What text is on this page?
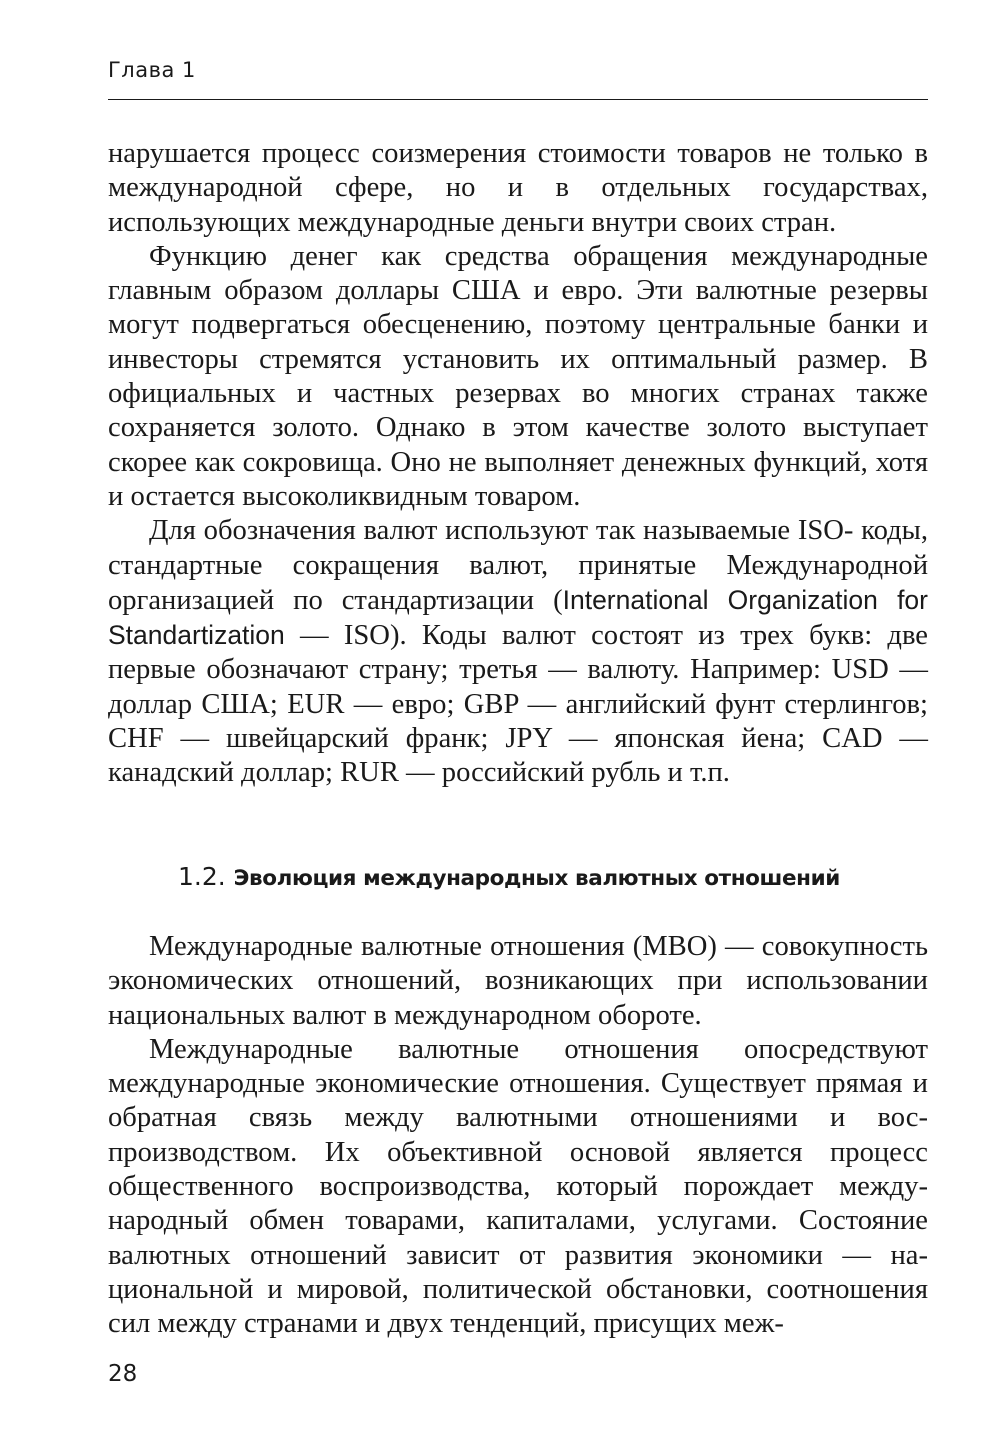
Глава 1

нарушается процесс соизмерения стоимости товаров не только в международной сфере, но и в отдельных государствах, использующих международные деньги внутри своих стран.

Функцию денег как средства обращения международные главным образом доллары США и евро. Эти валютные резервы могут подвергаться обесценению, поэтому центральные банки и инвесторы стремятся установить их оптимальный размер. В официальных и частных резервах во многих странах также сохраняется золото. Однако в этом качестве золото выступает скорее как сокровища. Оно не выполняет денежных функций, хотя и остается высоколиквидным товаром.

Для обозначения валют используют так называемые ISO- коды, стандартные сокращения валют, принятые Международной организацией по стандартизации (International Organization for Standartization — ISO). Коды валют состоят из трех букв: две первые обозначают страну; третья — валюту. Например: USD — доллар США; EUR — евро; GBP — английский фунт стерлингов; CHF — швейцарский франк; JPY — японская йена; CAD — канадский доллар; RUR — российский рубль и т.п.

1.2. Эволюция международных валютных отношений

Международные валютные отношения (МВО) — совокупность экономических отношений, возникающих при использовании национальных валют в международном обороте.

Международные валютные отношения опосредствуют международные экономические отношения. Существует прямая и обратная связь между валютными отношениями и воспроизводством. Их объективной основой является процесс общественного воспроизводства, который порождает международный обмен товарами, капиталами, услугами. Состояние валютных отношений зависит от развития экономики — национальной и мировой, политической обстановки, соотношения сил между странами и двух тенденций, присущих меж-

28
